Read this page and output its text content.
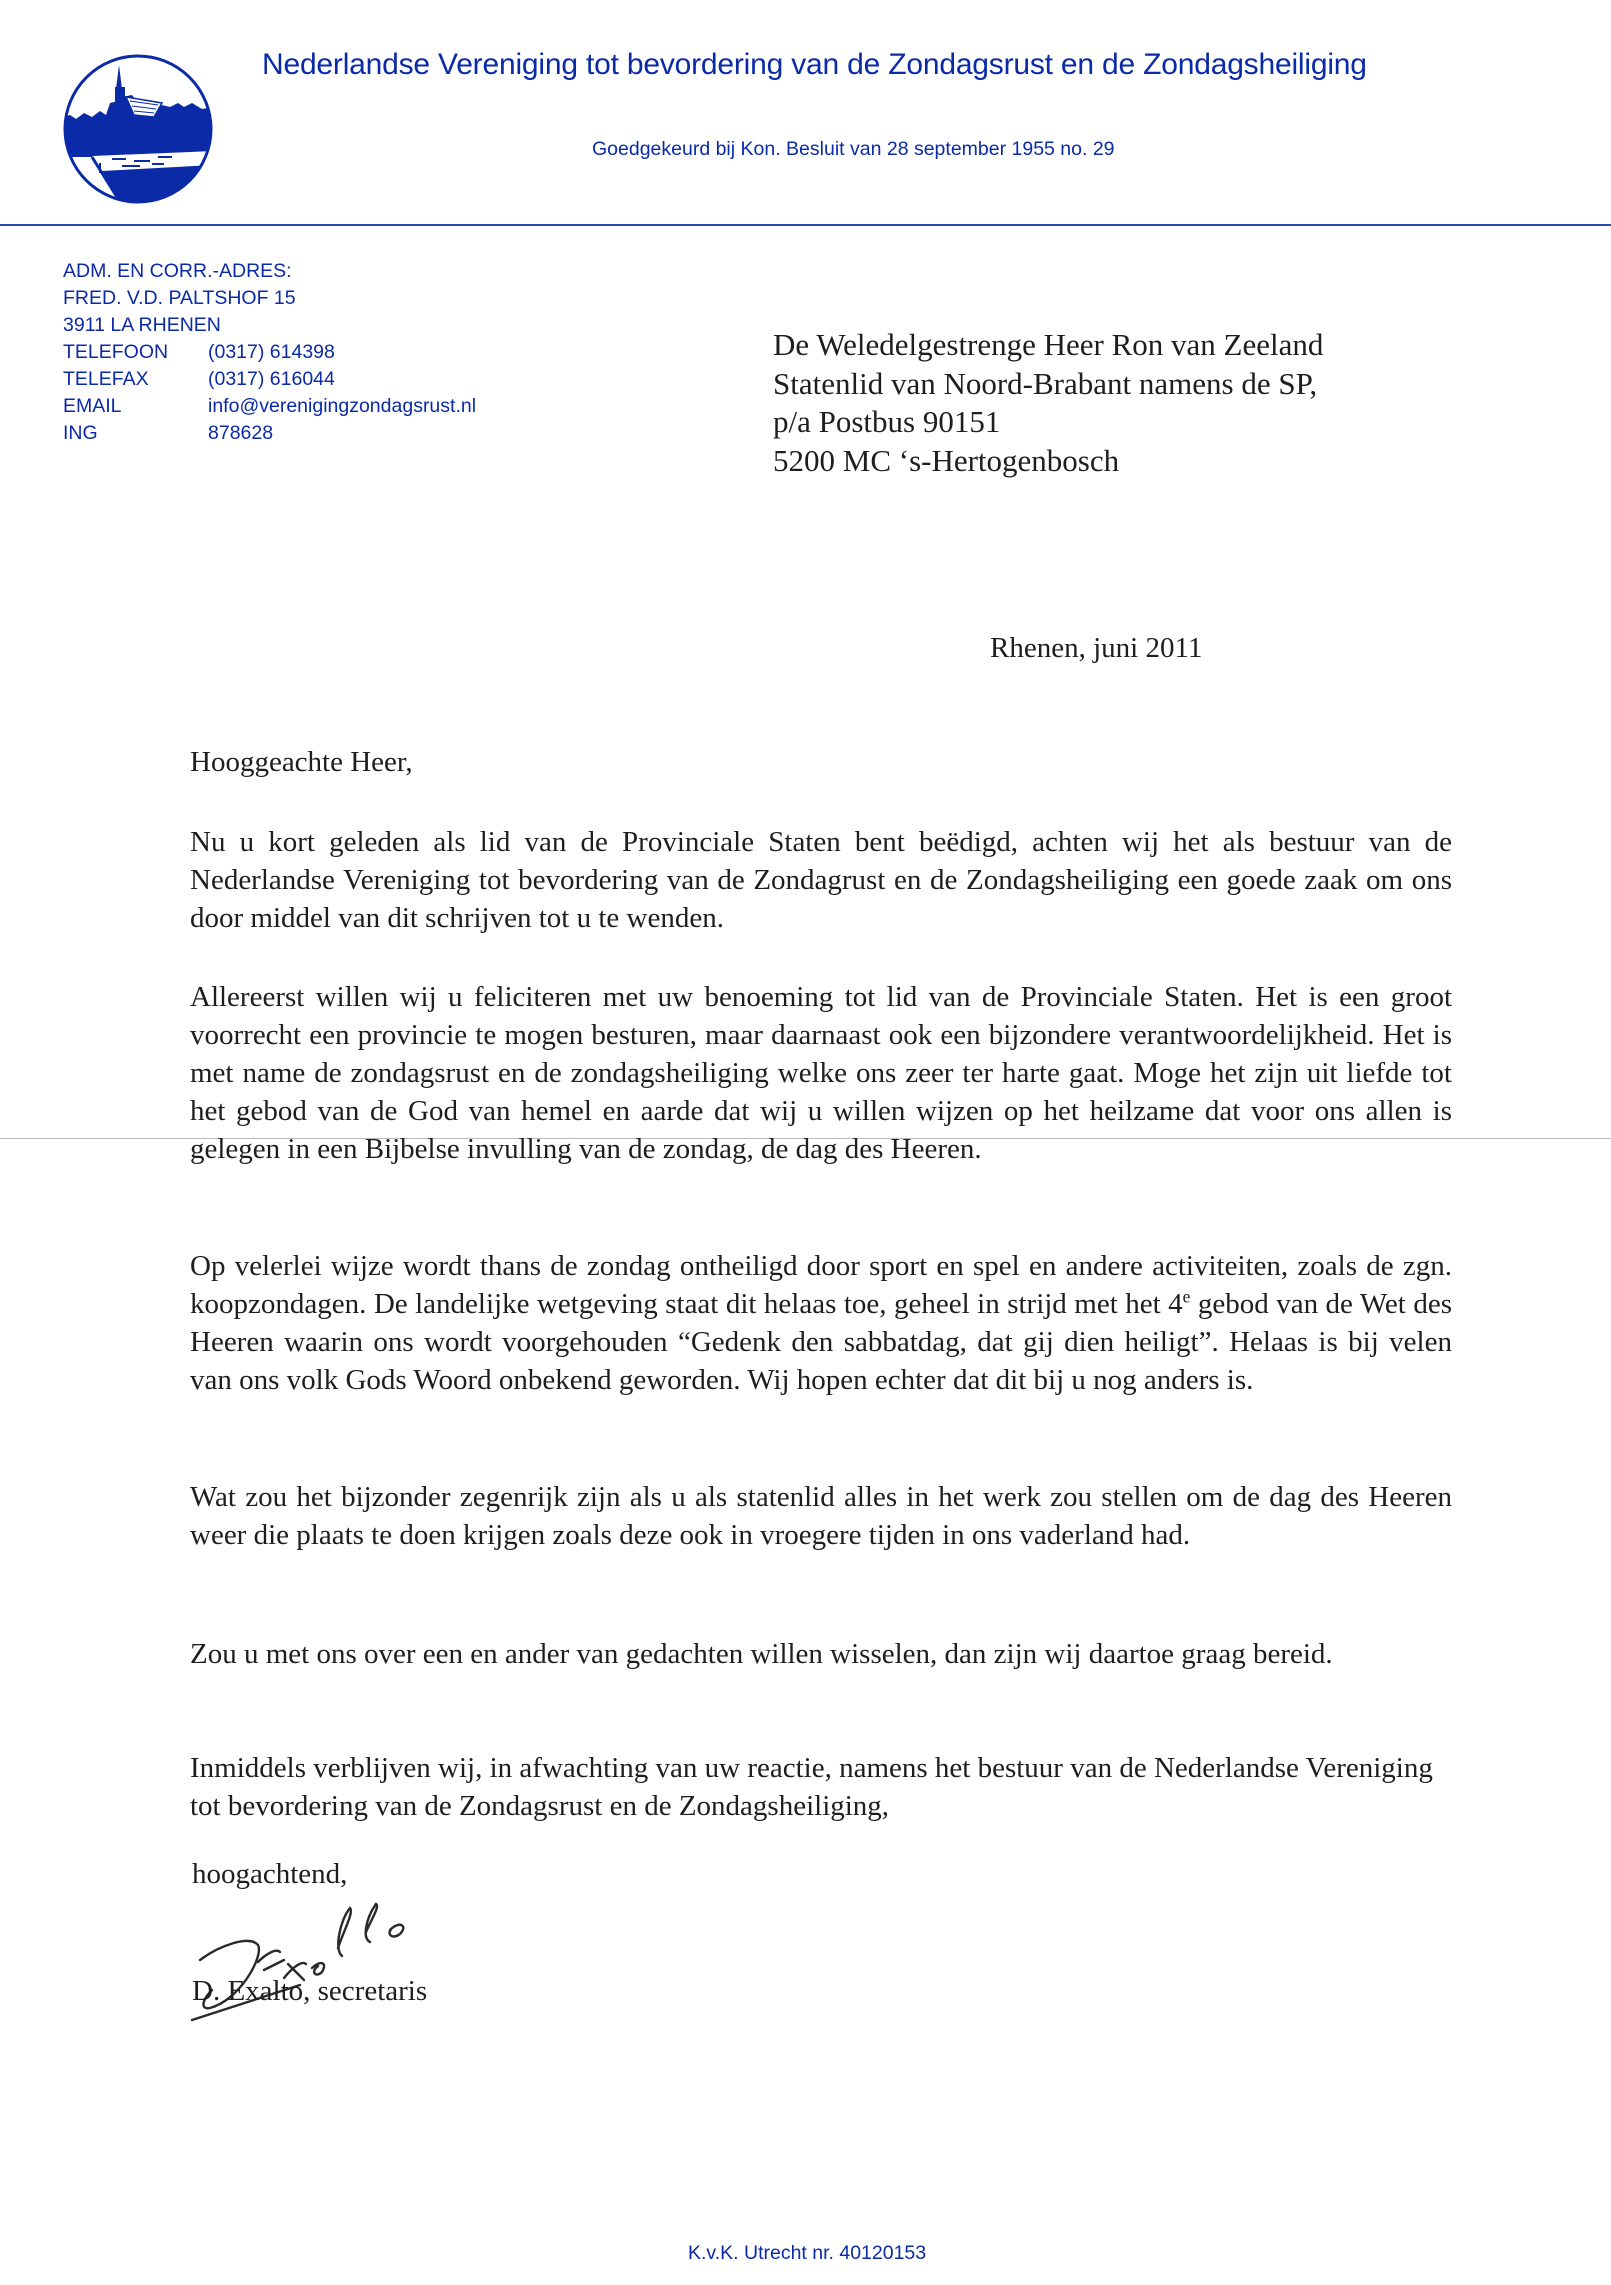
Nederlandse Vereniging tot bevordering van de Zondagsrust en de Zondagsheiliging
Goedgekeurd bij Kon. Besluit van 28 september 1955 no. 29
ADM. EN CORR.-ADRES:
FRED. V.D. PALTSHOF 15
3911 LA RHENEN
TELEFOON	(0317) 614398
TELEFAX	(0317) 616044
EMAIL	info@verenigingzondagsrust.nl
ING	878628
De Weledelgestrenge Heer Ron van Zeeland
Statenlid van Noord-Brabant namens de SP,
p/a Postbus 90151
5200 MC ‘s-Hertogenbosch
Rhenen, juni 2011
Hooggeachte Heer,
Nu u kort geleden als lid van de Provinciale Staten bent beëdigd, achten wij het als bestuur van de Nederlandse Vereniging tot bevordering van de Zondagrust en de Zondagsheiliging een goede zaak om ons door middel van dit schrijven tot u te wenden.
Allereerst willen wij u feliciteren met uw benoeming tot lid van de Provinciale Staten. Het is een groot voorrecht een provincie te mogen besturen, maar daarnaast ook een bijzondere verantwoordelijkheid. Het is met name de zondagsrust en de zondagsheiliging welke ons zeer ter harte gaat. Moge het zijn uit liefde tot het gebod van de God van hemel en aarde dat wij u willen wijzen op het heilzame dat voor ons allen is gelegen in een Bijbelse invulling van de zondag, de dag des Heeren.
Op velerlei wijze wordt thans de zondag ontheiligd door sport en spel en andere activiteiten, zoals de zgn. koopzondagen. De landelijke wetgeving staat dit helaas toe, geheel in strijd met het 4e gebod van de Wet des Heeren waarin ons wordt voorgehouden “Gedenk den sabbatdag, dat gij dien heiligt”. Helaas is bij velen van ons volk Gods Woord onbekend geworden. Wij hopen echter dat dit bij u nog anders is.
Wat zou het bijzonder zegenrijk zijn als u als statenlid alles in het werk zou stellen om de dag des Heeren weer die plaats te doen krijgen zoals deze ook in vroegere tijden in ons vaderland had.
Zou u met ons over een en ander van gedachten willen wisselen, dan zijn wij daartoe graag bereid.
Inmiddels verblijven wij, in afwachting van uw reactie, namens het bestuur van de Nederlandse Vereniging tot bevordering van de Zondagsrust en de Zondagsheiliging,
hoogachtend,
D. Exalto, secretaris
K.v.K. Utrecht nr. 40120153
